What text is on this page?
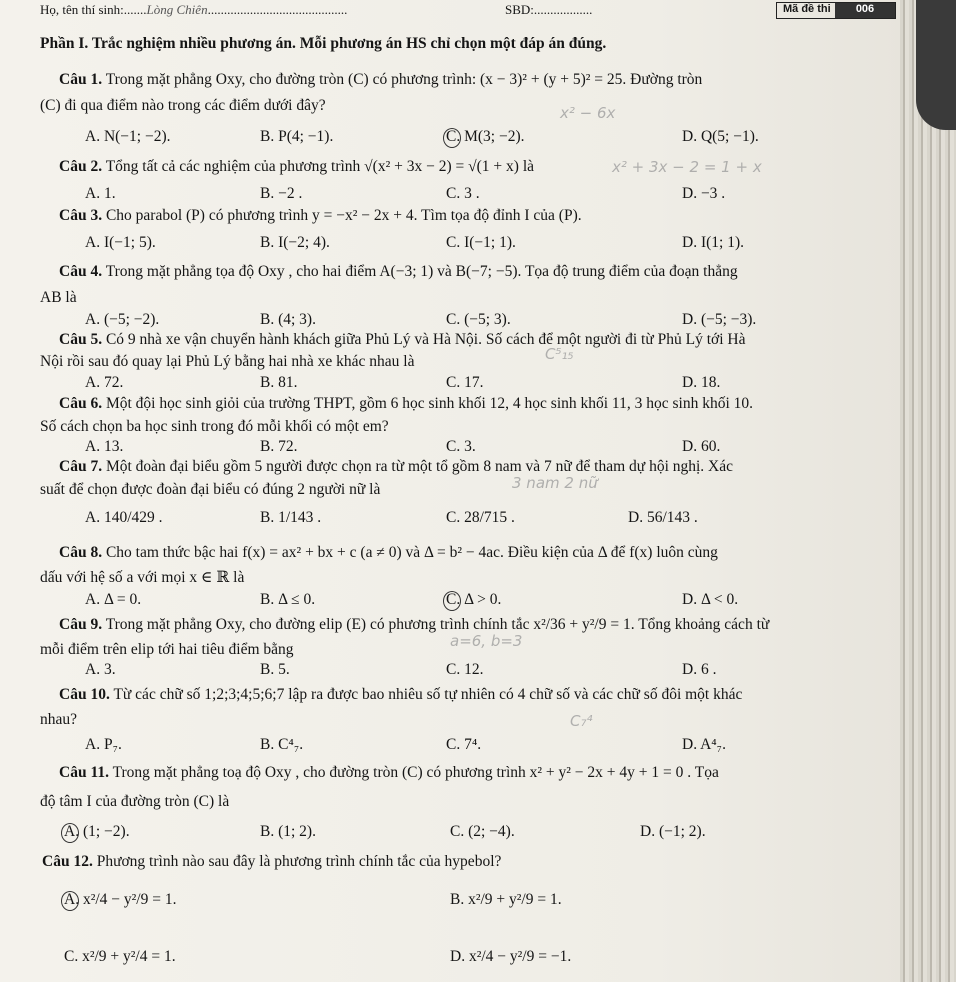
Họ, tên thí sinh:.......Lòng Chiên...........................................	SBD:..................	Mã đề thi	006
Phần I. Trắc nghiệm nhiều phương án. Mỗi phương án HS chỉ chọn một đáp án đúng.
Câu 1. Trong mặt phẳng Oxy, cho đường tròn (C) có phương trình: (x − 3)² + (y + 5)² = 25. Đường tròn
(C) đi qua điểm nào trong các điểm dưới đây?
A. N(−1; −2).	B. P(4; −1).	C. M(3; −2).	D. Q(5; −1).
Câu 2. Tổng tất cả các nghiệm của phương trình √(x² + 3x − 2) = √(1 + x) là
A. 1.	B. −2 .	C. 3 .	D. −3 .
Câu 3. Cho parabol (P) có phương trình y = −x² − 2x + 4. Tìm tọa độ đỉnh I của (P).
A. I(−1; 5).	B. I(−2; 4).	C. I(−1; 1).	D. I(1; 1).
Câu 4. Trong mặt phẳng tọa độ Oxy , cho hai điểm A(−3; 1) và B(−7; −5). Tọa độ trung điểm của đoạn thẳng
AB là
A. (−5; −2).	B. (4; 3).	C. (−5; 3).	D. (−5; −3).
Câu 5. Có 9 nhà xe vận chuyển hành khách giữa Phủ Lý và Hà Nội. Số cách để một người đi từ Phủ Lý tới Hà
Nội rồi sau đó quay lại Phủ Lý bằng hai nhà xe khác nhau là
A. 72.	B. 81.	C. 17.	D. 18.
Câu 6. Một đội học sinh giỏi của trường THPT, gồm 6 học sinh khối 12, 4 học sinh khối 11, 3 học sinh khối 10.
Số cách chọn ba học sinh trong đó mỗi khối có một em?
A. 13.	B. 72.	C. 3.	D. 60.
Câu 7. Một đoàn đại biểu gồm 5 người được chọn ra từ một tổ gồm 8 nam và 7 nữ để tham dự hội nghị. Xác
suất để chọn được đoàn đại biểu có đúng 2 người nữ là
A. 140/429 .	B. 1/143 .	C. 28/715 .	D. 56/143 .
Câu 8. Cho tam thức bậc hai f(x) = ax² + bx + c (a ≠ 0) và Δ = b² − 4ac. Điều kiện của Δ để f(x) luôn cùng
dấu với hệ số a với mọi x ∈ ℝ là
A. Δ = 0.	B. Δ ≤ 0.	C. Δ > 0.	D. Δ < 0.
Câu 9. Trong mặt phẳng Oxy, cho đường elip (E) có phương trình chính tắc x²/36 + y²/9 = 1. Tổng khoảng cách từ
mỗi điểm trên elip tới hai tiêu điểm bằng
A. 3.	B. 5.	C. 12.	D. 6 .
Câu 10. Từ các chữ số 1;2;3;4;5;6;7 lập ra được bao nhiêu số tự nhiên có 4 chữ số và các chữ số đôi một khác
nhau?
A. P₇.	B. C⁴₇.	C. 7⁴.	D. A⁴₇.
Câu 11. Trong mặt phẳng toạ độ Oxy , cho đường tròn (C) có phương trình x² + y² − 2x + 4y + 1 = 0 . Tọa
độ tâm I của đường tròn (C) là
A. (1; −2).	B. (1; 2).	C. (2; −4).	D. (−1; 2).
Câu 12. Phương trình nào sau đây là phương trình chính tắc của hypebol?
A. x²/4 − y²/9 = 1.	B. x²/9 + y²/9 = 1.
C. x²/9 + y²/4 = 1.	D. x²/4 − y²/9 = −1.
x² − 6x
x² + 3x − 2 = 1 + x
C⁵₁₅
3 nam 2 nữ
a=6, b=3
C₇⁴
